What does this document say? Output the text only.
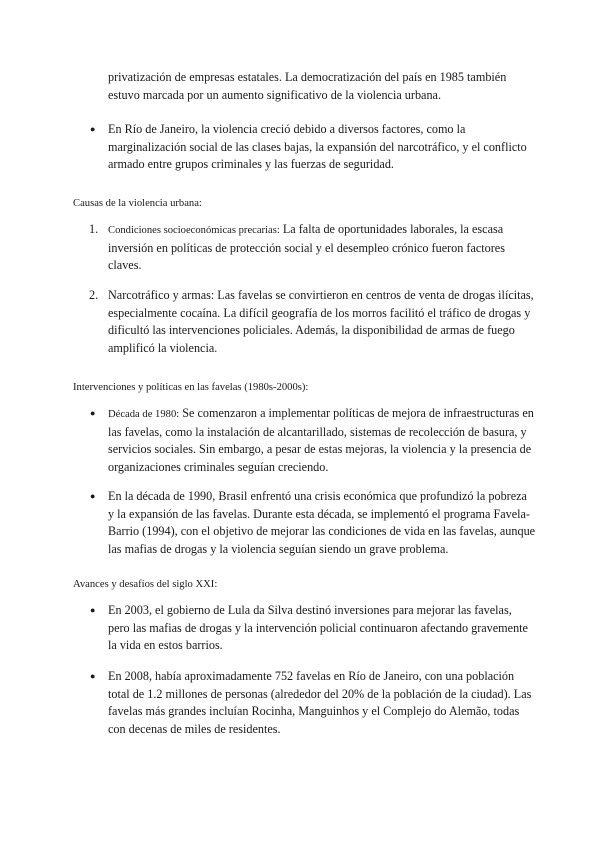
privatización de empresas estatales. La democratización del país en 1985 también

estuvo marcada por un aumento significativo de la violencia urbana.

● En Río de Janeiro, la violencia creció debido a diversos factores, como la marginalización social de las clases bajas, la expansión del narcotráfico, y el conflicto armado entre grupos criminales y las fuerzas de seguridad.

Causas de la violencia urbana:

1. Condiciones socioeconómicas precarias: La falta de oportunidades laborales, la escasa inversión en políticas de protección social y el desempleo crónico fueron factores claves.

2. Narcotráfico y armas: Las favelas se convirtieron en centros de venta de drogas ilícitas, especialmente cocaína. La difícil geografía de los morros facilitó el tráfico de drogas y dificultó las intervenciones policiales. Además, la disponibilidad de armas de fuego amplificó la violencia.

Intervenciones y políticas en las favelas (1980s-2000s):

● Década de 1980: Se comenzaron a implementar políticas de mejora de infraestructuras en las favelas, como la instalación de alcantarillado, sistemas de recolección de basura, y servicios sociales. Sin embargo, a pesar de estas mejoras, la violencia y la presencia de organizaciones criminales seguían creciendo.

● En la década de 1990, Brasil enfrentó una crisis económica que profundizó la pobreza y la expansión de las favelas. Durante esta década, se implementó el programa Favela-Barrio (1994), con el objetivo de mejorar las condiciones de vida en las favelas, aunque las mafias de drogas y la violencia seguían siendo un grave problema.

Avances y desafíos del siglo XXI:

● En 2003, el gobierno de Lula da Silva destinó inversiones para mejorar las favelas, pero las mafias de drogas y la intervención policial continuaron afectando gravemente la vida en estos barrios.

● En 2008, había aproximadamente 752 favelas en Río de Janeiro, con una población total de 1.2 millones de personas (alrededor del 20% de la población de la ciudad). Las favelas más grandes incluían Rocinha, Manguinhos y el Complejo do Alemão, todas con decenas de miles de residentes.
